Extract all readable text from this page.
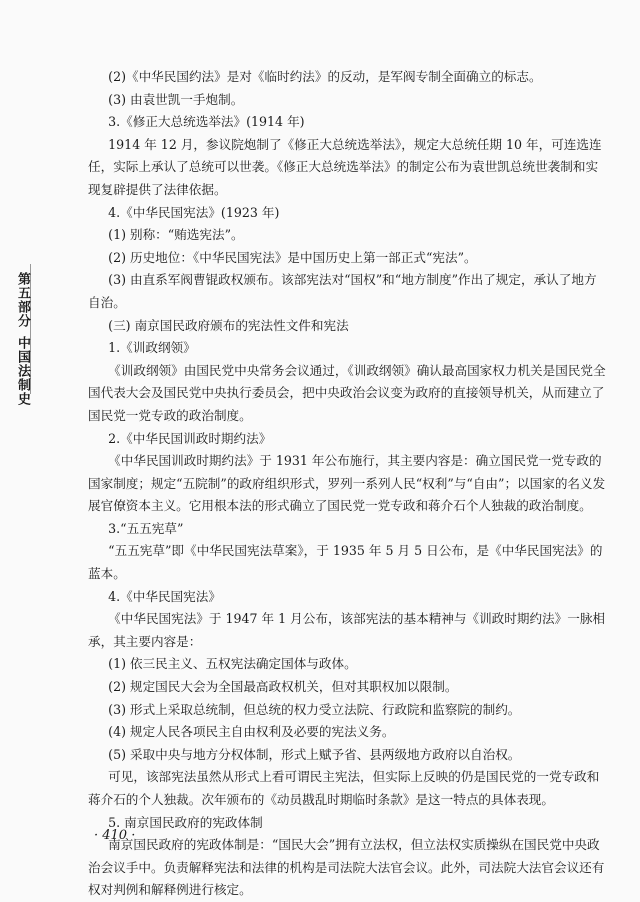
第五部分中国法制史

(2)《中华民国约法》是对《临时约法》的反动，是军阀专制全面确立的标志。

(3) 由袁世凯一手炮制。

3.《修正大总统选举法》(1914 年)

1914 年 12 月，参议院炮制了《修正大总统选举法》，规定大总统任期 10 年，可连选连任，实际上承认了总统可以世袭。《修正大总统选举法》的制定公布为袁世凯总统世袭制和实现复辟提供了法律依据。

4.《中华民国宪法》(1923 年)

(1) 别称：“贿选宪法”。

(2) 历史地位：《中华民国宪法》是中国历史上第一部正式“宪法”。

(3) 由直系军阀曹锟政权颁布。该部宪法对“国权”和“地方制度”作出了规定，承认了地方自治。

(三) 南京国民政府颁布的宪法性文件和宪法

1.《训政纲领》

《训政纲领》由国民党中央常务会议通过，《训政纲领》确认最高国家权力机关是国民党全国代表大会及国民党中央执行委员会，把中央政治会议变为政府的直接领导机关，从而建立了国民党一党专政的政治制度。

2.《中华民国训政时期约法》

《中华民国训政时期约法》于 1931 年公布施行，其主要内容是：确立国民党一党专政的国家制度；规定“五院制”的政府组织形式，罗列一系列人民“权利”与“自由”；以国家的名义发展官僚资本主义。它用根本法的形式确立了国民党一党专政和蒋介石个人独裁的政治制度。

3.“五五宪草”

“五五宪草”即《中华民国宪法草案》，于 1935 年 5 月 5 日公布，是《中华民国宪法》的蓝本。

4.《中华民国宪法》

《中华民国宪法》于 1947 年 1 月公布，该部宪法的基本精神与《训政时期约法》一脉相承，其主要内容是：

(1) 依三民主义、五权宪法确定国体与政体。

(2) 规定国民大会为全国最高政权机关，但对其职权加以限制。

(3) 形式上采取总统制，但总统的权力受立法院、行政院和监察院的制约。

(4) 规定人民各项民主自由权利及必要的宪法义务。

(5) 采取中央与地方分权体制，形式上赋予省、县两级地方政府以自治权。

可见，该部宪法虽然从形式上看可谓民主宪法，但实际上反映的仍是国民党的一党专政和蒋介石的个人独裁。次年颁布的《动员戡乱时期临时条款》是这一特点的具体表现。

5. 南京国民政府的宪政体制

南京国民政府的宪政体制是：“国民大会”拥有立法权，但立法权实质操纵在国民党中央政治会议手中。负责解释宪法和法律的机构是司法院大法官会议。此外，司法院大法官会议还有权对判例和解释例进行核定。

· 410 ·
